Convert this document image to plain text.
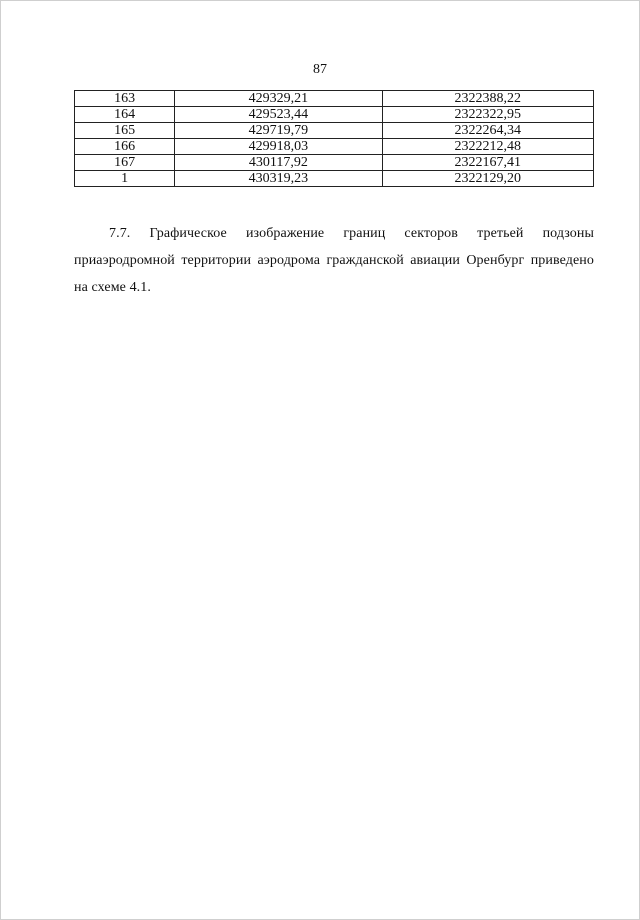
87
163	429329,21	2322388,22
164	429523,44	2322322,95
165	429719,79	2322264,34
166	429918,03	2322212,48
167	430117,92	2322167,41
1	430319,23	2322129,20

7.7. Графическое изображение границ секторов третьей подзоны приаэродромной территории аэродрома гражданской авиации Оренбург приведено на схеме 4.1.
